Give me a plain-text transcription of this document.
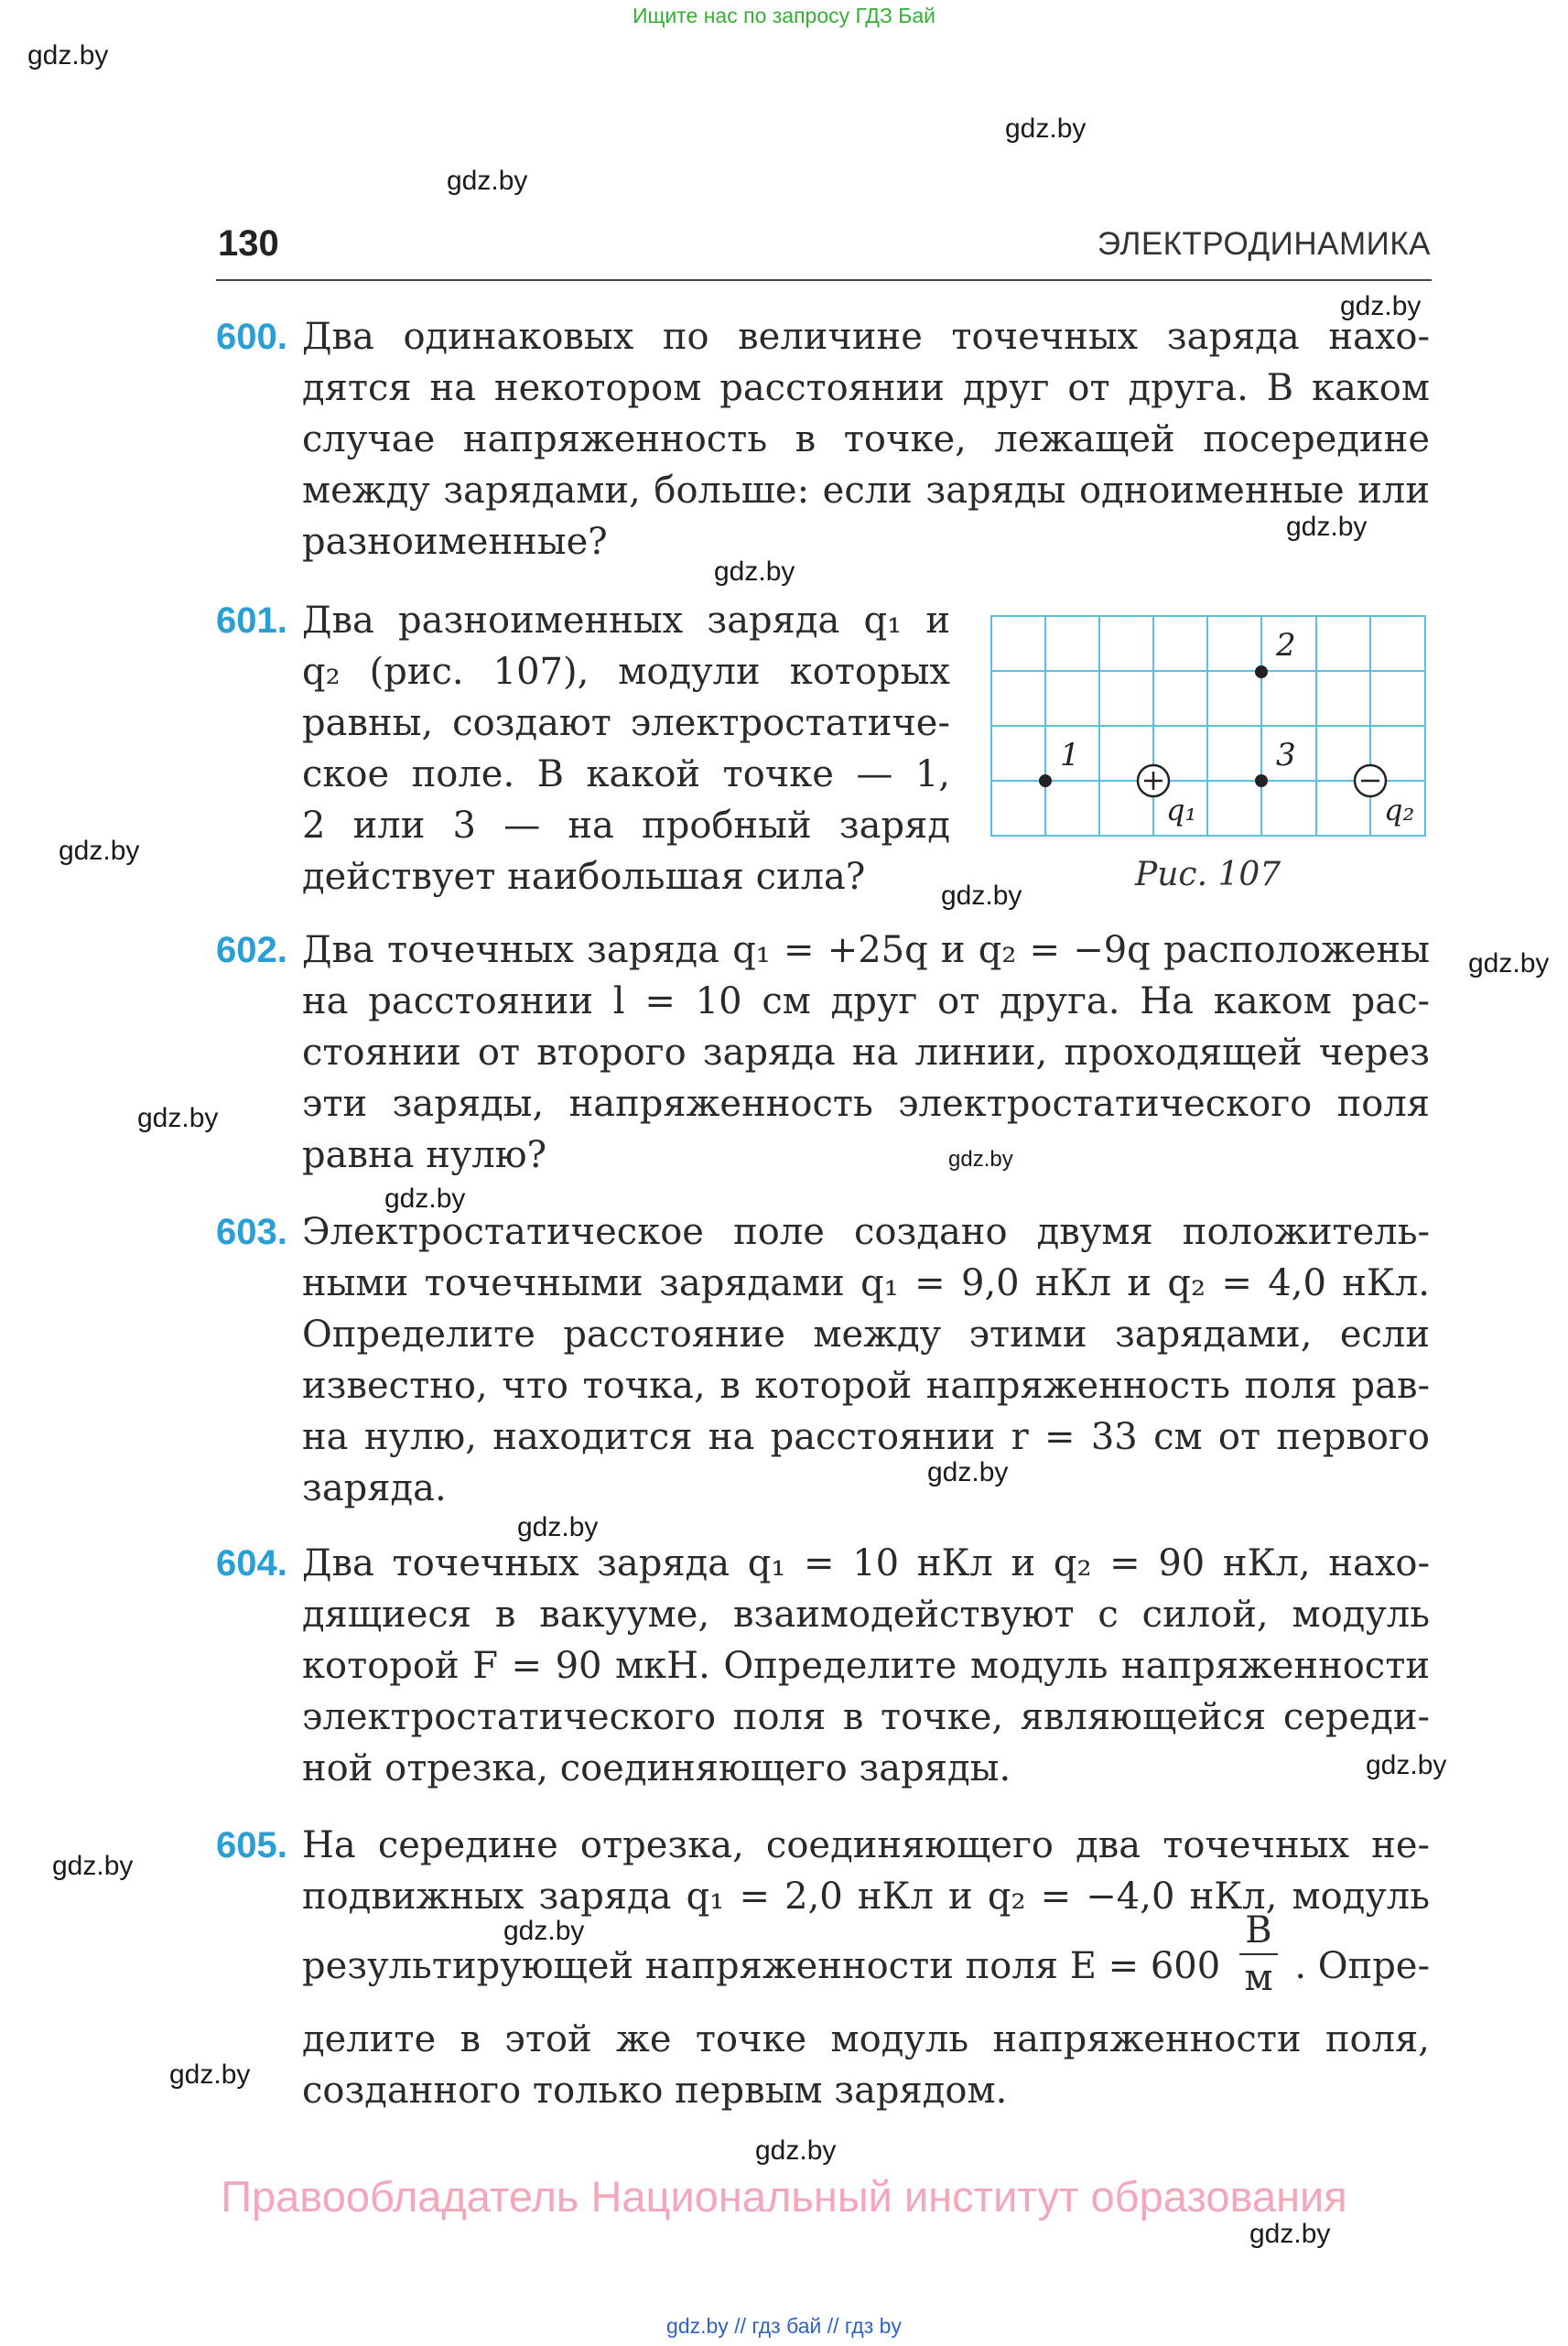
Ищите нас по запросу ГДЗ Бай
gdz.by // гдз бай // гдз by
130	ЭЛЕКТРОДИНАМИКА
gdz.by
gdz.by
gdz.by
gdz.by
gdz.by
gdz.by
gdz.by
gdz.by
gdz.by
gdz.by
gdz.by
gdz.by
gdz.by
gdz.by
gdz.by
gdz.by
gdz.by
gdz.by
gdz.by
gdz.by
600. Два одинаковых по величине точечных заряда нахо-
дятся на некотором расстоянии друг от друга. В каком
случае напряженность в точке, лежащей посередине
между зарядами, больше: если заряды одноименные или
разноименные?
601. Два разноименных заряда q₁ и
q₂ (рис. 107), модули которых
равны, создают электростатиче-
ское поле. В какой точке — 1,
2 или 3 — на пробный заряд
действует наибольшая сила?
1
2
3
q₁	q₂
Рис. 107
602. Два точечных заряда q₁ = +25q и q₂ = −9q расположены
на расстоянии l = 10 см друг от друга. На каком рас-
стоянии от второго заряда на линии, проходящей через
эти заряды, напряженность электростатического поля
равна нулю?
603. Электростатическое поле создано двумя положитель-
ными точечными зарядами q₁ = 9,0 нКл и q₂ = 4,0 нКл.
Определите расстояние между этими зарядами, если
известно, что точка, в которой напряженность поля рав-
на нулю, находится на расстоянии r = 33 см от первого
заряда.
604. Два точечных заряда q₁ = 10 нКл и q₂ = 90 нКл, нахо-
дящиеся в вакууме, взаимодействуют с силой, модуль
которой F = 90 мкН. Определите модуль напряженности
электростатического поля в точке, являющейся середи-
ной отрезка, соединяющего заряды.
605. На середине отрезка, соединяющего два точечных не-
подвижных заряда q₁ = 2,0 нКл и q₂ = −4,0 нКл, модуль
результирующей напряженности поля E = 600
В
м . Опре-
делите в этой же точке модуль напряженности поля,
созданного только первым зарядом.
Правообладатель Национальный институт образования
